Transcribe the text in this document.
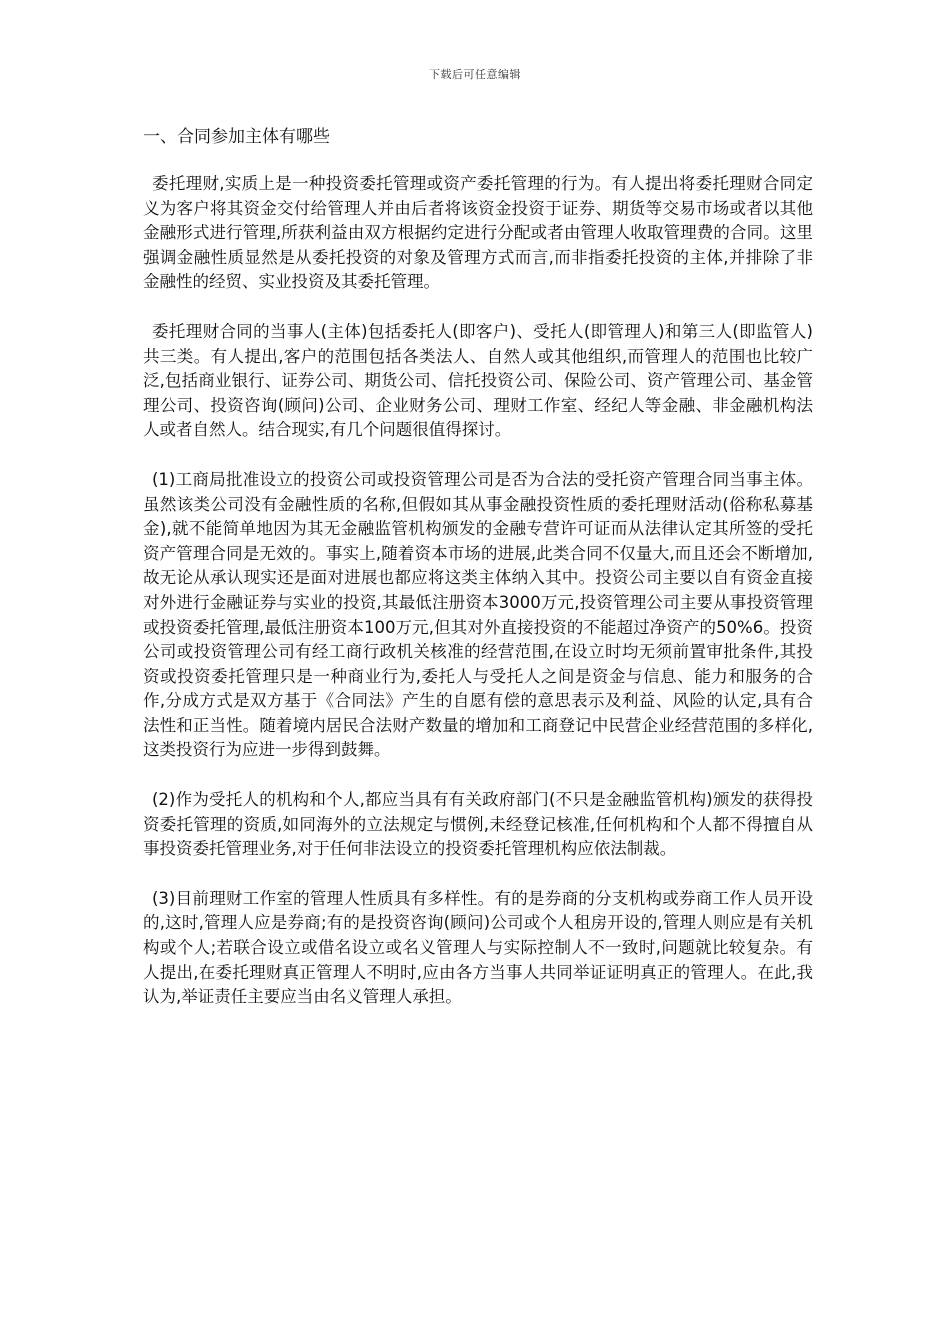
下载后可任意编辑
一、合同参加主体有哪些

委托理财,实质上是一种投资委托管理或资产委托管理的行为。有人提出将委托理财合同定义为客户将其资金交付给管理人并由后者将该资金投资于证券、期货等交易市场或者以其他金融形式进行管理,所获利益由双方根据约定进行分配或者由管理人收取管理费的合同。这里强调金融性质显然是从委托投资的对象及管理方式而言,而非指委托投资的主体,并排除了非金融性的经贸、实业投资及其委托管理。

委托理财合同的当事人(主体)包括委托人(即客户)、受托人(即管理人)和第三人(即监管人)共三类。有人提出,客户的范围包括各类法人、自然人或其他组织,而管理人的范围也比较广泛,包括商业银行、证券公司、期货公司、信托投资公司、保险公司、资产管理公司、基金管理公司、投资咨询(顾问)公司、企业财务公司、理财工作室、经纪人等金融、非金融机构法人或者自然人。结合现实,有几个问题很值得探讨。

(1)工商局批准设立的投资公司或投资管理公司是否为合法的受托资产管理合同当事主体。虽然该类公司没有金融性质的名称,但假如其从事金融投资性质的委托理财活动(俗称私募基金),就不能简单地因为其无金融监管机构颁发的金融专营许可证而从法律认定其所签的受托资产管理合同是无效的。事实上,随着资本市场的进展,此类合同不仅量大,而且还会不断增加,故无论从承认现实还是面对进展也都应将这类主体纳入其中。投资公司主要以自有资金直接对外进行金融证券与实业的投资,其最低注册资本3000万元,投资管理公司主要从事投资管理或投资委托管理,最低注册资本100万元,但其对外直接投资的不能超过净资产的50%6。投资公司或投资管理公司有经工商行政机关核准的经营范围,在设立时均无须前置审批条件,其投资或投资委托管理只是一种商业行为,委托人与受托人之间是资金与信息、能力和服务的合作,分成方式是双方基于《合同法》产生的自愿有偿的意思表示及利益、风险的认定,具有合法性和正当性。随着境内居民合法财产数量的增加和工商登记中民营企业经营范围的多样化,这类投资行为应进一步得到鼓舞。

(2)作为受托人的机构和个人,都应当具有有关政府部门(不只是金融监管机构)颁发的获得投资委托管理的资质,如同海外的立法规定与惯例,未经登记核准,任何机构和个人都不得擅自从事投资委托管理业务,对于任何非法设立的投资委托管理机构应依法制裁。

(3)目前理财工作室的管理人性质具有多样性。有的是券商的分支机构或券商工作人员开设的,这时,管理人应是券商;有的是投资咨询(顾问)公司或个人租房开设的,管理人则应是有关机构或个人;若联合设立或借名设立或名义管理人与实际控制人不一致时,问题就比较复杂。有人提出,在委托理财真正管理人不明时,应由各方当事人共同举证证明真正的管理人。在此,我认为,举证责任主要应当由名义管理人承担。
